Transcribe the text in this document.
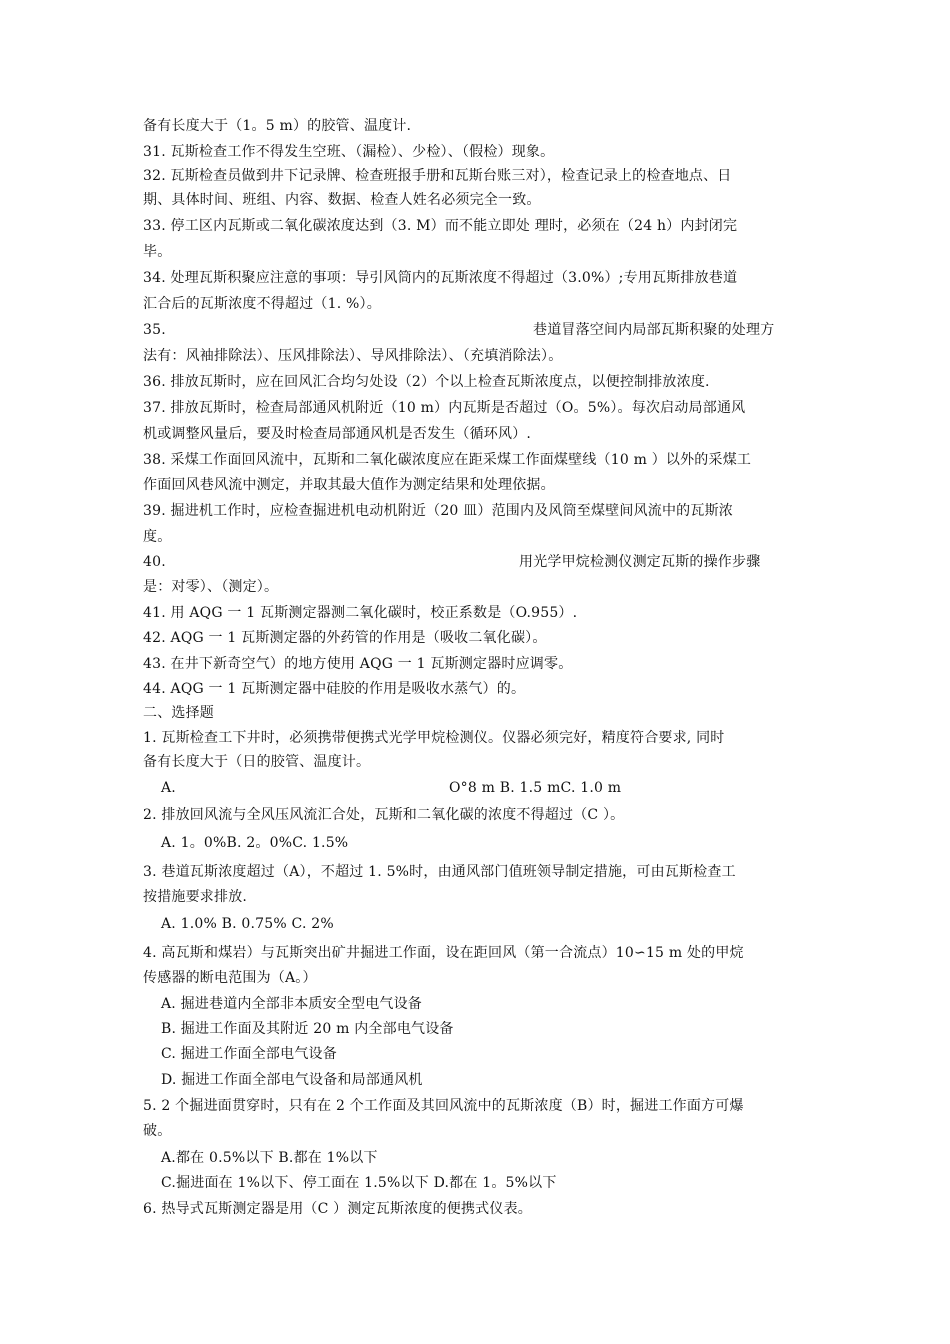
备有长度大于（1。5 m）的胶管、温度计.
31. 瓦斯检查工作不得发生空班、（漏检）、少检）、（假检）现象。
32. 瓦斯检查员做到井下记录牌、检查班报手册和瓦斯台账三对），检查记录上的检查地点、日
期、具体时间、班组、内容、数据、检查人姓名必须完全一致。
33. 停工区内瓦斯或二氧化碳浓度达到（3. M）而不能立即处 理时，必须在（24 h）内封闭完
毕。
34. 处理瓦斯积聚应注意的事项：导引风筒内的瓦斯浓度不得超过（3.0%）;专用瓦斯排放巷道
汇合后的瓦斯浓度不得超过（1. %）。
35.	巷道冒落空间内局部瓦斯积聚的处理方
法有：风袖排除法）、压风排除法）、导风排除法）、（充填消除法）。
36. 排放瓦斯时，应在回风汇合均匀处设（2）个以上检查瓦斯浓度点，以便控制排放浓度.
37. 排放瓦斯时，检查局部通风机附近（10 m）内瓦斯是否超过（O。5%）。每次启动局部通风
机或调整风量后，要及时检查局部通风机是否发生（循环风）.
38. 采煤工作面回风流中，瓦斯和二氧化碳浓度应在距采煤工作面煤壁线（10 m ）以外的采煤工
作面回风巷风流中测定，并取其最大值作为测定结果和处理依据。
39. 掘进机工作时，应检查掘进机电动机附近（20 皿）范围内及风筒至煤壁间风流中的瓦斯浓
度。
40.	用光学甲烷检测仪测定瓦斯的操作步骤
是：对零）、（测定）。
41. 用 AQG 一 1 瓦斯测定器测二氧化碳时，校正系数是（O.955）.
42. AQG 一 1 瓦斯测定器的外药管的作用是（吸收二氧化碳）。
43. 在井下新奇空气）的地方使用 AQG 一 1 瓦斯测定器时应调零。
44. AQG 一 1 瓦斯测定器中硅胶的作用是吸收水蒸气）的。
二、选择题
1. 瓦斯检查工下井时，必须携带便携式光学甲烷检测仪。仪器必须完好，精度符合要求, 同时
备有长度大于（日的胶管、温度计。
A.	O°8 m B. 1.5 mC. 1.0 m
2. 排放回风流与全风压风流汇合处，瓦斯和二氧化碳的浓度不得超过（C ）。
A. 1。0%B. 2。0%C. 1.5%
3. 巷道瓦斯浓度超过（A），不超过 1. 5%时，由通风部门值班领导制定措施，可由瓦斯检查工
按措施要求排放.
A. 1.0% B. 0.75% C. 2%
4. 高瓦斯和煤岩）与瓦斯突出矿井掘进工作面，设在距回风（第一合流点）10∽15 m 处的甲烷
传感器的断电范围为（A。）
A. 掘进巷道内全部非本质安全型电气设备
B. 掘进工作面及其附近 20 m 内全部电气设备
C. 掘进工作面全部电气设备
D. 掘进工作面全部电气设备和局部通风机
5. 2 个掘进面贯穿时，只有在 2 个工作面及其回风流中的瓦斯浓度（B）时，掘进工作面方可爆
破。
A.都在 0.5%以下 B.都在 1%以下
C.掘进面在 1%以下、停工面在 1.5%以下 D.都在 1。5%以下
6. 热导式瓦斯测定器是用（C ）测定瓦斯浓度的便携式仪表。
